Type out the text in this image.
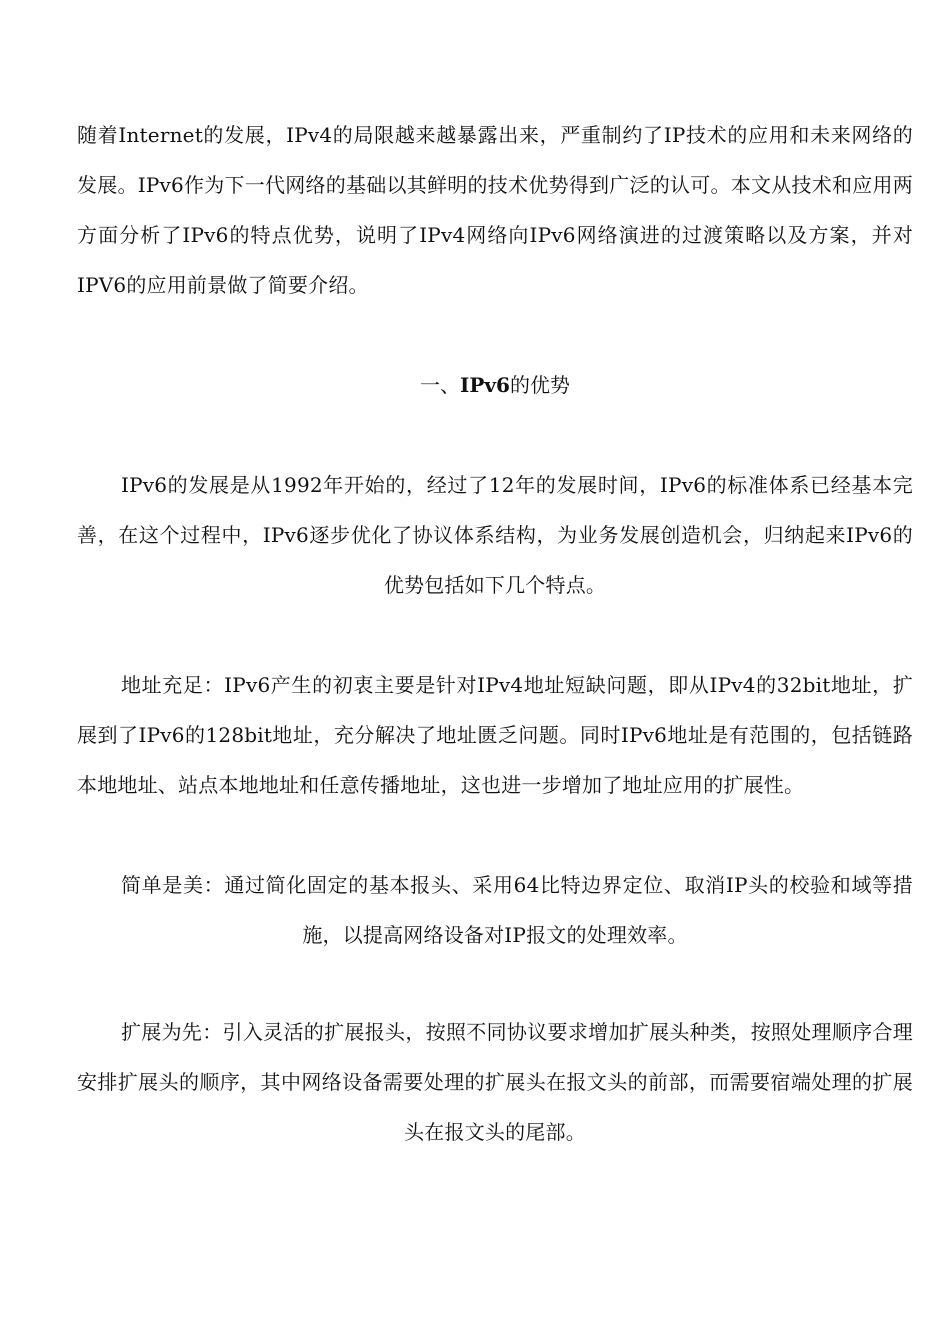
随着Internet的发展，IPv4的局限越来越暴露出来，严重制约了IP技术的应用和未来网络的发展。IPv6作为下一代网络的基础以其鲜明的技术优势得到广泛的认可。本文从技术和应用两方面分析了IPv6的特点优势，说明了IPv4网络向IPv6网络演进的过渡策略以及方案，并对IPV6的应用前景做了简要介绍。

一、IPv6的优势

IPv6的发展是从1992年开始的，经过了12年的发展时间，IPv6的标准体系已经基本完善，在这个过程中，IPv6逐步优化了协议体系结构，为业务发展创造机会，归纳起来IPv6的优势包括如下几个特点。

地址充足：IPv6产生的初衷主要是针对IPv4地址短缺问题，即从IPv4的32bit地址，扩展到了IPv6的128bit地址，充分解决了地址匮乏问题。同时IPv6地址是有范围的，包括链路本地地址、站点本地地址和任意传播地址，这也进一步增加了地址应用的扩展性。

简单是美：通过简化固定的基本报头、采用64比特边界定位、取消IP头的校验和域等措施，以提高网络设备对IP报文的处理效率。

扩展为先：引入灵活的扩展报头，按照不同协议要求增加扩展头种类，按照处理顺序合理安排扩展头的顺序，其中网络设备需要处理的扩展头在报文头的前部，而需要宿端处理的扩展头在报文头的尾部。
